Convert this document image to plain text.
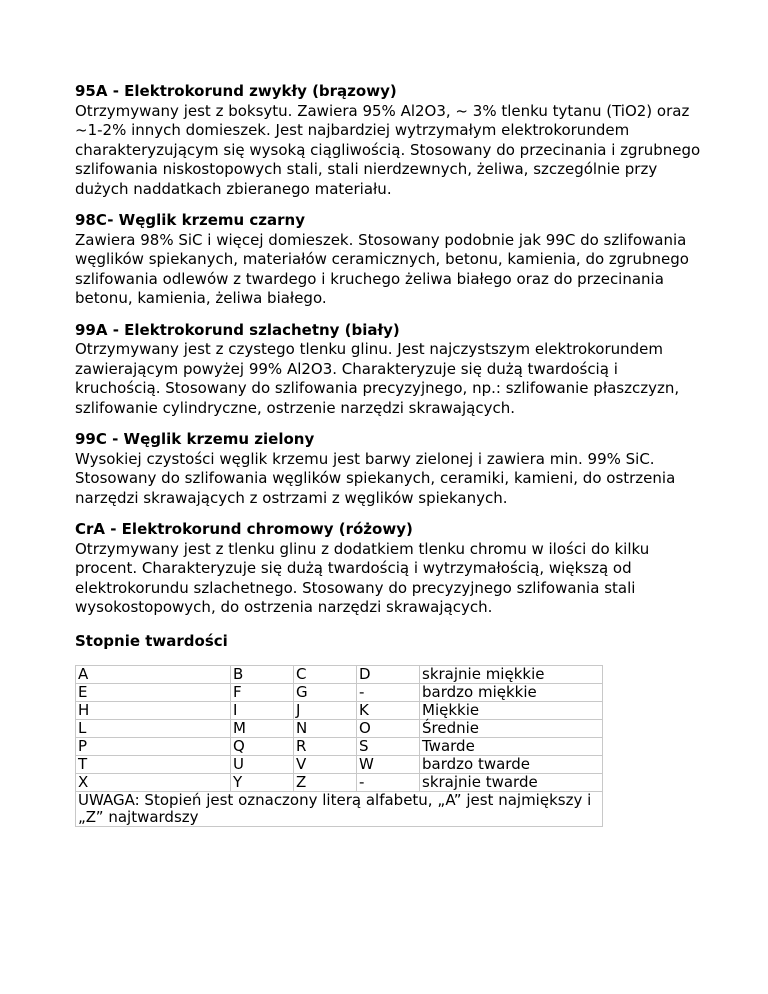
95A - Elektrokorund zwykły (brązowy)

Otrzymywany jest z boksytu. Zawiera 95% Al2O3, ~ 3% tlenku tytanu (TiO2) oraz ~1-2% innych domieszek. Jest najbardziej wytrzymałym elektrokorundem charakteryzującym się wysoką ciągliwością. Stosowany do przecinania i zgrubnego szlifowania niskostopowych stali, stali nierdzewnych, żeliwa, szczególnie przy dużych naddatkach zbieranego materiału.

98C- Węglik krzemu czarny

Zawiera 98% SiC i więcej domieszek. Stosowany podobnie jak 99C do szlifowania węglików spiekanych, materiałów ceramicznych, betonu, kamienia, do zgrubnego szlifowania odlewów z twardego i kruchego żeliwa białego oraz do przecinania betonu, kamienia, żeliwa białego.

99A - Elektrokorund szlachetny (biały)

Otrzymywany jest z czystego tlenku glinu. Jest najczystszym elektrokorundem zawierającym powyżej 99% Al2O3. Charakteryzuje się dużą twardością i kruchością. Stosowany do szlifowania precyzyjnego, np.: szlifowanie płaszczyzn, szlifowanie cylindryczne, ostrzenie narzędzi skrawających.

99C - Węglik krzemu zielony

Wysokiej czystości węglik krzemu jest barwy zielonej i zawiera min. 99% SiC. Stosowany do szlifowania węglików spiekanych, ceramiki, kamieni, do ostrzenia narzędzi skrawających z ostrzami z węglików spiekanych.

CrA - Elektrokorund chromowy (różowy)

Otrzymywany jest z tlenku glinu z dodatkiem tlenku chromu w ilości do kilku procent. Charakteryzuje się dużą twardością i wytrzymałością, większą od elektrokorundu szlachetnego. Stosowany do precyzyjnego szlifowania stali wysokostopowych, do ostrzenia narzędzi skrawających.

Stopnie twardości

A	B	C	D	skrajnie miękkie
E	F	G	-	bardzo miękkie
H	I	J	K	Miękkie
L	M	N	O	Średnie
P	Q	R	S	Twarde
T	U	V	W	bardzo twarde
X	Y	Z	-	skrajnie twarde
UWAGA: Stopień jest oznaczony literą alfabetu, „A” jest najmiększy i „Z” najtwardszy				
